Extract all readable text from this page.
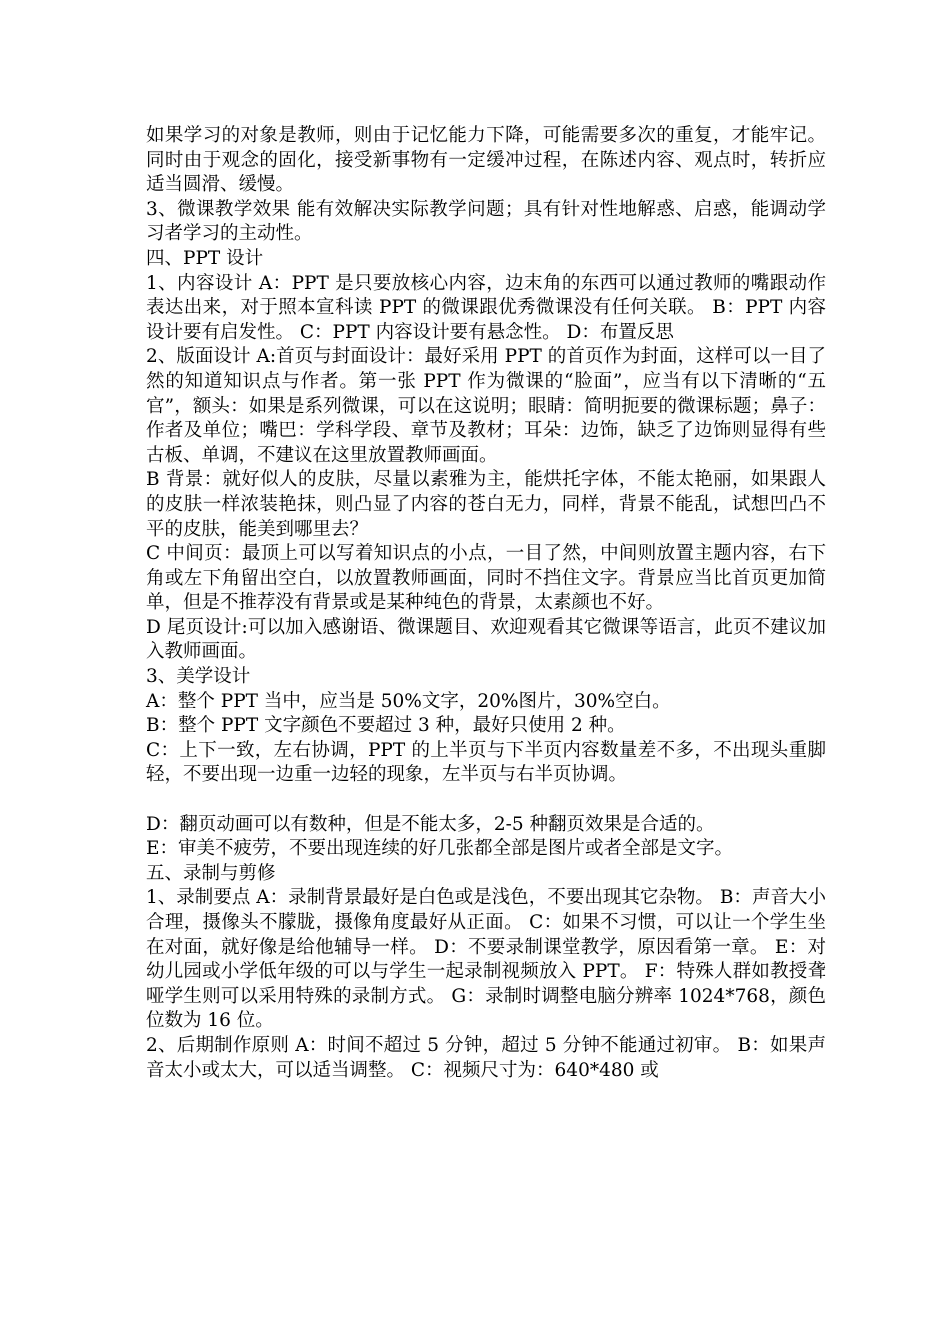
如果学习的对象是教师，则由于记忆能力下降，可能需要多次的重复，才能牢记。同时由于观念的固化，接受新事物有一定缓冲过程，在陈述内容、观点时，转折应适当圆滑、缓慢。

3、微课教学效果 能有效解决实际教学问题；具有针对性地解惑、启惑，能调动学习者学习的主动性。

四、PPT 设计

1、内容设计 A：PPT 是只要放核心内容，边末角的东西可以通过教师的嘴跟动作表达出来，对于照本宣科读 PPT 的微课跟优秀微课没有任何关联。 B：PPT 内容设计要有启发性。 C：PPT 内容设计要有悬念性。 D：布置反思

2、版面设计 A:首页与封面设计：最好采用 PPT 的首页作为封面，这样可以一目了然的知道知识点与作者。第一张 PPT 作为微课的“脸面”，应当有以下清晰的“五官”，额头：如果是系列微课，可以在这说明；眼睛：简明扼要的微课标题；鼻子：作者及单位；嘴巴：学科学段、章节及教材；耳朵：边饰，缺乏了边饰则显得有些古板、单调，不建议在这里放置教师画面。

B 背景：就好似人的皮肤，尽量以素雅为主，能烘托字体，不能太艳丽，如果跟人的皮肤一样浓装艳抹，则凸显了内容的苍白无力，同样，背景不能乱，试想凹凸不平的皮肤，能美到哪里去？

C 中间页：最顶上可以写着知识点的小点，一目了然，中间则放置主题内容，右下角或左下角留出空白，以放置教师画面，同时不挡住文字。背景应当比首页更加简单，但是不推荐没有背景或是某种纯色的背景，太素颜也不好。

D 尾页设计:可以加入感谢语、微课题目、欢迎观看其它微课等语言，此页不建议加入教师画面。

3、美学设计

A：整个 PPT 当中，应当是 50%文字，20%图片，30%空白。

B：整个 PPT 文字颜色不要超过 3 种，最好只使用 2 种。

C：上下一致，左右协调，PPT 的上半页与下半页内容数量差不多，不出现头重脚轻，不要出现一边重一边轻的现象，左半页与右半页协调。

D：翻页动画可以有数种，但是不能太多，2-5 种翻页效果是合适的。

E：审美不疲劳，不要出现连续的好几张都全部是图片或者全部是文字。

五、录制与剪修

1、录制要点 A：录制背景最好是白色或是浅色，不要出现其它杂物。 B：声音大小合理，摄像头不朦胧，摄像角度最好从正面。 C：如果不习惯，可以让一个学生坐在对面，就好像是给他辅导一样。 D：不要录制课堂教学，原因看第一章。 E：对幼儿园或小学低年级的可以与学生一起录制视频放入 PPT。 F：特殊人群如教授聋哑学生则可以采用特殊的录制方式。 G：录制时调整电脑分辨率 1024*768，颜色位数为 16 位。

2、后期制作原则 A：时间不超过 5 分钟，超过 5 分钟不能通过初审。 B：如果声音太小或太大，可以适当调整。 C：视频尺寸为：640*480 或
